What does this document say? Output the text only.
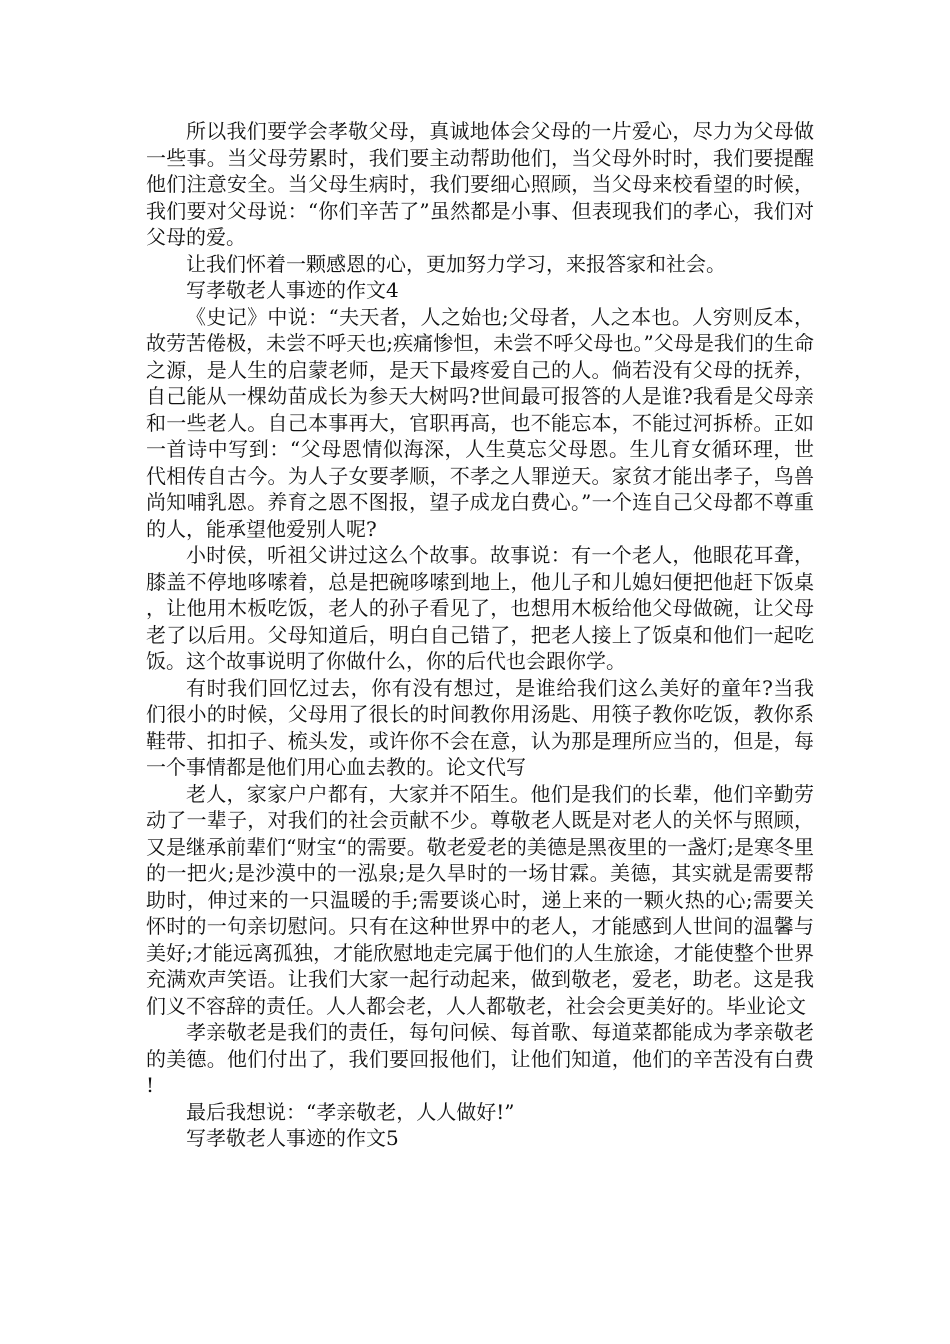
所以我们要学会孝敬父母，真诚地体会父母的一片爱心，尽力为父母做一些事。当父母劳累时，我们要主动帮助他们，当父母外时时，我们要提醒他们注意安全。当父母生病时，我们要细心照顾，当父母来校看望的时候，我们要对父母说：“你们辛苦了”虽然都是小事、但表现我们的孝心，我们对父母的爱。

让我们怀着一颗感恩的心，更加努力学习，来报答家和社会。

写孝敬老人事迹的作文4

《史记》中说：“夫天者，人之始也;父母者，人之本也。人穷则反本，故劳苦倦极，未尝不呼天也;疾痛惨怛，未尝不呼父母也。”父母是我们的生命之源，是人生的启蒙老师，是天下最疼爱自己的人。倘若没有父母的抚养，自己能从一棵幼苗成长为参天大树吗?世间最可报答的人是谁?我看是父母亲和一些老人。自己本事再大，官职再高，也不能忘本，不能过河拆桥。正如一首诗中写到：“父母恩情似海深，人生莫忘父母恩。生儿育女循环理，世代相传自古今。为人子女要孝顺，不孝之人罪逆天。家贫才能出孝子，鸟兽尚知哺乳恩。养育之恩不图报，望子成龙白费心。”一个连自己父母都不尊重的人，能承望他爱别人呢?

小时侯，听祖父讲过这么个故事。故事说：有一个老人，他眼花耳聋，膝盖不停地哆嗦着，总是把碗哆嗦到地上，他儿子和儿媳妇便把他赶下饭桌，让他用木板吃饭，老人的孙子看见了，也想用木板给他父母做碗，让父母老了以后用。父母知道后，明白自己错了，把老人接上了饭桌和他们一起吃饭。这个故事说明了你做什么，你的后代也会跟你学。

有时我们回忆过去，你有没有想过，是谁给我们这么美好的童年?当我们很小的时候，父母用了很长的时间教你用汤匙、用筷子教你吃饭，教你系鞋带、扣扣子、梳头发，或许你不会在意，认为那是理所应当的，但是，每一个事情都是他们用心血去教的。论文代写

老人，家家户户都有，大家并不陌生。他们是我们的长辈，他们辛勤劳动了一辈子，对我们的社会贡献不少。尊敬老人既是对老人的关怀与照顾，又是继承前辈们“财宝“的需要。敬老爱老的美德是黑夜里的一盏灯;是寒冬里的一把火;是沙漠中的一泓泉;是久旱时的一场甘霖。美德，其实就是需要帮助时，伸过来的一只温暖的手;需要谈心时，递上来的一颗火热的心;需要关怀时的一句亲切慰问。只有在这种世界中的老人，才能感到人世间的温馨与美好;才能远离孤独，才能欣慰地走完属于他们的人生旅途，才能使整个世界充满欢声笑语。让我们大家一起行动起来，做到敬老，爱老，助老。这是我们义不容辞的责任。人人都会老，人人都敬老，社会会更美好的。毕业论文

孝亲敬老是我们的责任，每句问候、每首歌、每道菜都能成为孝亲敬老的美德。他们付出了，我们要回报他们，让他们知道，他们的辛苦没有白费!

最后我想说：“孝亲敬老，人人做好!”

写孝敬老人事迹的作文5
